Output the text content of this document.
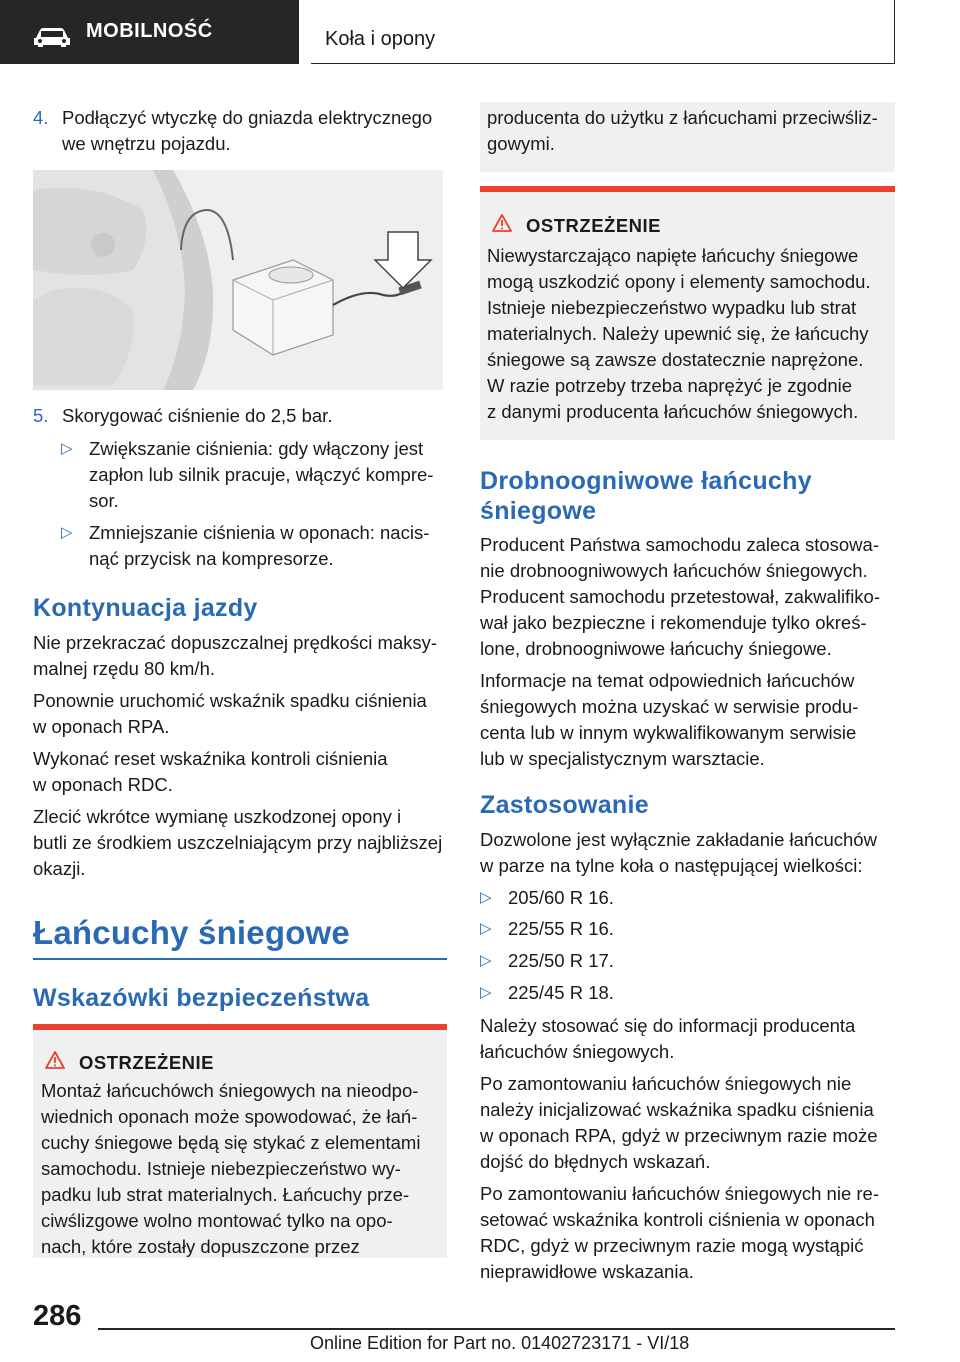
MOBILNOŚĆ	Koła i opony
4. Podłączyć wtyczkę do gniazda elektrycznego
we wnętrzu pojazdu.
5. Skorygować ciśnienie do 2,5 bar.
▷ Zwiększanie ciśnienia: gdy włączony jest
zapłon lub silnik pracuje, włączyć kompre-
sor.
▷ Zmniejszanie ciśnienia w oponach: nacis-
nąć przycisk na kompresorze.
Kontynuacja jazdy

Nie przekraczać dopuszczalnej prędkości maksy-
malnej rzędu 80 km/h.

Ponownie uruchomić wskaźnik spadku ciśnienia
w oponach RPA.

Wykonać reset wskaźnika kontroli ciśnienia
w oponach RDC.

Zlecić wkrótce wymianę uszkodzonej opony i
butli ze środkiem uszczelniającym przy najbliższej
okazji.

Łańcuchy śniegowe
Wskazówki bezpieczeństwa
OSTRZEŻENIE
Montaż łańcuchówch śniegowych na nieodpo-
wiednich oponach może spowodować, że łań-
cuchy śniegowe będą się stykać z elementami
samochodu. Istnieje niebezpieczeństwo wy-
padku lub strat materialnych. Łańcuchy prze-
ciwślizgowe wolno montować tylko na opo-
nach, które zostały dopuszczone przez
producenta do użytku z łańcuchami przeciwśliz-
gowymi.
OSTRZEŻENIE
Niewystarczająco napięte łańcuchy śniegowe
mogą uszkodzić opony i elementy samochodu.
Istnieje niebezpieczeństwo wypadku lub strat
materialnych. Należy upewnić się, że łańcuchy
śniegowe są zawsze dostatecznie naprężone.
W razie potrzeby trzeba naprężyć je zgodnie
z danymi producenta łańcuchów śniegowych.
Drobnoogniwowe łańcuchy
śniegowe

Producent Państwa samochodu zaleca stosowa-
nie drobnoogniwowych łańcuchów śniegowych.
Producent samochodu przetestował, zakwalifiko-
wał jako bezpieczne i rekomenduje tylko okreś-
lone, drobnoogniwowe łańcuchy śniegowe.

Informacje na temat odpowiednich łańcuchów
śniegowych można uzyskać w serwisie produ-
centa lub w innym wykwalifikowanym serwisie
lub w specjalistycznym warsztacie.

Zastosowanie

Dozwolone jest wyłącznie zakładanie łańcuchów
w parze na tylne koła o następującej wielkości:

▷ 205/60 R 16.
▷ 225/55 R 16.
▷ 225/50 R 17.
▷ 225/45 R 18.

Należy stosować się do informacji producenta
łańcuchów śniegowych.

Po zamontowaniu łańcuchów śniegowych nie
należy inicjalizować wskaźnika spadku ciśnienia
w oponach RPA, gdyż w przeciwnym razie może
dojść do błędnych wskazań.

Po zamontowaniu łańcuchów śniegowych nie re-
setować wskaźnika kontroli ciśnienia w oponach
RDC, gdyż w przeciwnym razie mogą wystąpić
nieprawidłowe wskazania.

286
Online Edition for Part no. 01402723171 - VI/18
